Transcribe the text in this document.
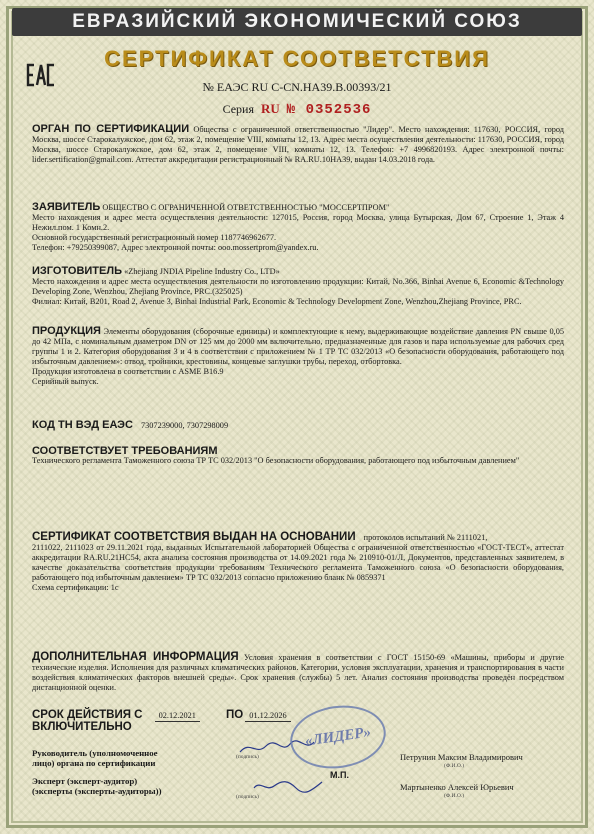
ЕВРАЗИЙСКИЙ ЭКОНОМИЧЕСКИЙ СОЮЗ
СЕРТИФИКАТ СООТВЕТСТВИЯ
№ ЕАЭС RU С-CN.НА39.В.00393/21
Серия RU № 0352536
ОРГАН ПО СЕРТИФИКАЦИИ Общества с ограниченной ответственностью "Лидер". Место нахождения: 117630, РОССИЯ, город Москва, шоссе Старокалужское, дом 62, этаж 2, помещение VIII, комнаты 12, 13. Адрес места осуществления деятельности: 117630, РОССИЯ, город Москва, шоссе Старокалужское, дом 62, этаж 2, помещение VIII, комнаты 12, 13. Телефон: +7 4996820193. Адрес электронной почты: lider.sertification@gmail.com. Аттестат аккредитации регистрационный № RA.RU.10НА39, выдан 14.03.2018 года.

ЗАЯВИТЕЛЬ ОБЩЕСТВО С ОГРАНИЧЕННОЙ ОТВЕТСТВЕННОСТЬЮ "МОССЕРТПРОМ"

Место нахождения и адрес места осуществления деятельности: 127015, Россия, город Москва, улица Бутырская, Дом 67, Строение 1, Этаж 4 Нежил.пом. 1 Комн.2.

Основной государственный регистрационный номер 1187746962677.

Телефон: +79250399087, Адрес электронной почты: ooo.mossertprom@yandex.ru.

ИЗГОТОВИТЕЛЬ «Zhejiang JNDIA Pipeline Industry Co., LTD»

Место нахождения и адрес места осуществления деятельности по изготовлению продукции: Китай, No.366, Binhai Avenue 6, Economic &Technology Developing Zone, Wenzhou, Zhejiang Province, PRC.(325025)

Филиал: Китай, B201, Road 2, Avenue 3, Binhai Industrial Park, Economic & Technology Development Zone, Wenzhou,Zhejiang Province, PRC.

ПРОДУКЦИЯ Элементы оборудования (сборочные единицы) и комплектующие к нему, выдерживающие воздействие давления PN свыше 0,05 до 42 МПа, с номинальным диаметром DN от 125 мм до 2000 мм включительно, предназначенные для газов и пара используемые для рабочих сред группы 1 и 2. Категория оборудования 3 и 4 в соответствии с приложением № 1 ТР ТС 032/2013 «О безопасности оборудования, работающего под избыточным давлением»: отвод, тройники, крестовины, концевые заглушки трубы, переход, отбортовка.

Продукция изготовлена в соответствии с ASME B16.9

Серийный выпуск.

КОД ТН ВЭД ЕАЭС 7307239000, 7307298009

СООТВЕТСТВУЕТ ТРЕБОВАНИЯМ

Технического регламента Таможенного союза ТР ТС 032/2013 "О безопасности оборудования, работающего под избыточным давлением"

СЕРТИФИКАТ СООТВЕТСТВИЯ ВЫДАН НА ОСНОВАНИИ протоколов испытаний № 2111021,

2111022, 2111023 от 29.11.2021 года, выданных Испытательной лабораторией Общества с ограниченной ответственностью «ГОСТ-ТЕСТ», аттестат аккредитации RA.RU.21НС54, акта анализа состояния производства от 14.09.2021 года № 210910-01/Л, Документов, представленных заявителем, в качестве доказательства соответствия продукции требованиям Технического регламента Таможенного союза «О безопасности оборудования, работающего под избыточным давлением» ТР ТС 032/2013 согласно приложению бланк № 0859371

Схема сертификации: 1с

ДОПОЛНИТЕЛЬНАЯ ИНФОРМАЦИЯ Условия хранения в соответствии с ГОСТ 15150-69 «Машины, приборы и другие технические изделия. Исполнения для различных климатических районов. Категории, условия эксплуатации, хранения и транспортирования в части воздействия климатических факторов внешней среды». Срок хранения (службы) 5 лет. Анализ состояния производства проведён посредством дистанционной оценки.

СРОК ДЕЙСТВИЯ С 02.12.2021	ПО 01.12.2026

ВКЛЮЧИТЕЛЬНО

Руководитель (уполномоченное

лицо) органа по сертификации

(подпись)	Петрунин Максим Владимирович
(Ф.И.О.)
«ЛИДЕР»
М.П.

Эксперт (эксперт-аудитор)

(эксперты (эксперты-аудиторы))

(подпись)
Мартыненко Алексей Юрьевич
(Ф.И.О.)
